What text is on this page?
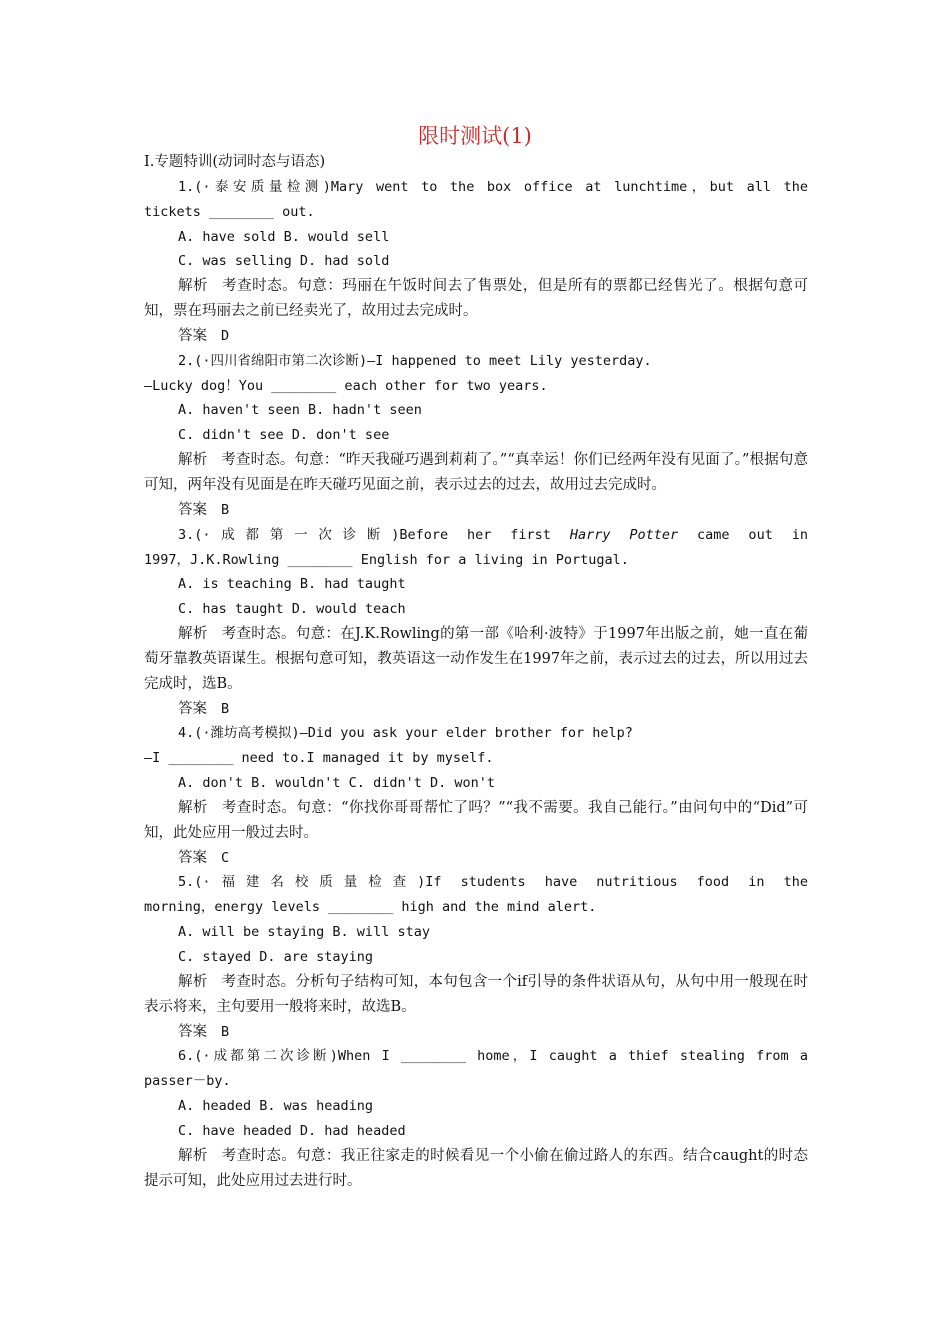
限时测试(1)

Ⅰ.专题特训(动词时态与语态)

1.(·泰安质量检测)Mary went to the box office at lunchtime，but all the

tickets ________ out.

A. have sold B. would sell

C. was selling D. had sold

解析 考查时态。句意：玛丽在午饭时间去了售票处，但是所有的票都已经售光了。根据句意可知，票在玛丽去之前已经卖光了，故用过去完成时。

答案 D

2.(·四川省绵阳市第二次诊断)—I happened to meet Lily yesterday.

—Lucky dog！You ________ each other for two years.

A. haven't seen B. hadn't seen

C. didn't see D. don't see

解析 考查时态。句意：“昨天我碰巧遇到莉莉了。”“真幸运！你们已经两年没有见面了。”根据句意可知，两年没有见面是在昨天碰巧见面之前，表示过去的过去，故用过去完成时。

答案 B

3.(·成都第一次诊断)Before her first Harry Potter came out in

1997，J.K.Rowling ________ English for a living in Portugal.

A. is teaching B. had taught

C. has taught D. would teach

解析 考查时态。句意：在J.K.Rowling的第一部《哈利·波特》于1997年出版之前，她一直在葡萄牙靠教英语谋生。根据句意可知，教英语这一动作发生在1997年之前，表示过去的过去，所以用过去完成时，选B。

答案 B

4.(·潍坊高考模拟)—Did you ask your elder brother for help?

—I ________ need to.I managed it by myself.

A. don't B. wouldn't C. didn't D. won't

解析 考查时态。句意：“你找你哥哥帮忙了吗？”“我不需要。我自己能行。”由问句中的“Did”可知，此处应用一般过去时。

答案 C

5.(·福建名校质量检查)If students have nutritious food in the

morning，energy levels ________ high and the mind alert.

A. will be staying B. will stay

C. stayed D. are staying

解析 考查时态。分析句子结构可知，本句包含一个if引导的条件状语从句，从句中用一般现在时表示将来，主句要用一般将来时，故选B。

答案 B

6.(·成都第二次诊断)When I ________ home，I caught a thief stealing from a

passer－by.

A. headed B. was heading

C. have headed D. had headed

解析 考查时态。句意：我正往家走的时候看见一个小偷在偷过路人的东西。结合caught的时态提示可知，此处应用过去进行时。
